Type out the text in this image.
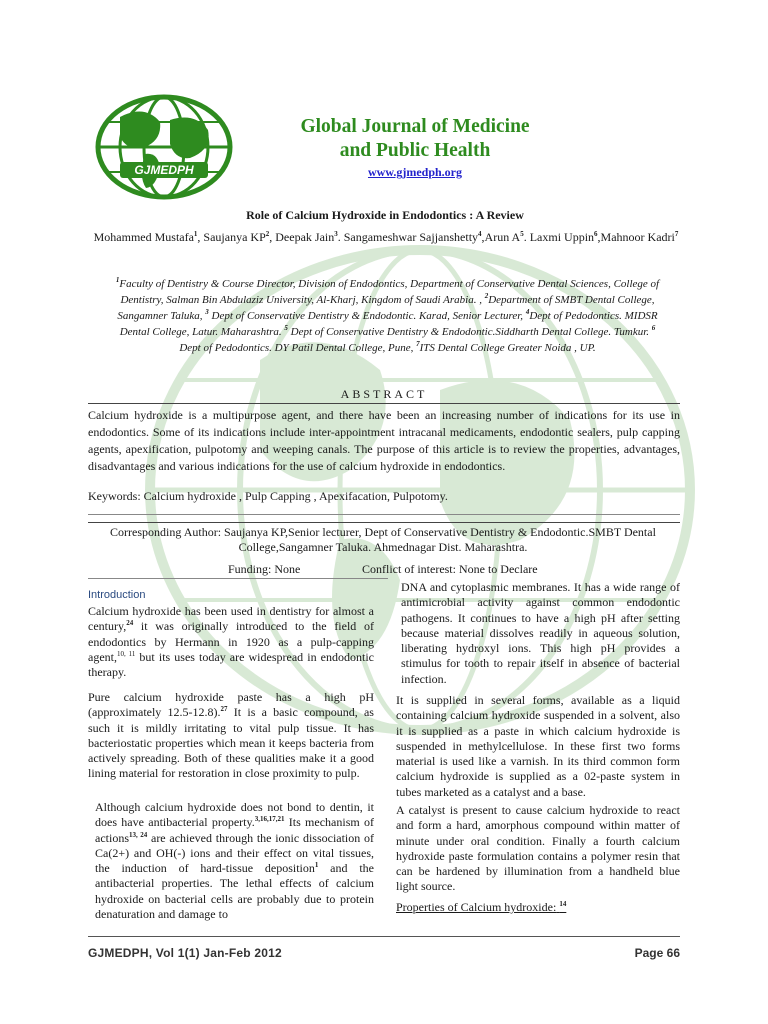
GJMEDPH
Global Journal of Medicine
and Public Health
www.gjmedph.org
Role of Calcium Hydroxide in Endodontics : A Review
Mohammed Mustafa$^1$, Saujanya $KP^2$, Deepak Jain$^3$. Sangameshwar Sajjanshetty$^4$,Arun $A^5$. Laxmi Uppin$^6$,Mahnoor Kadri$^7$
$^1$Faculty of Dentistry & Course Director, Division of Endodontics, Department of Conservative Dental Sciences, College of Dentistry, Salman Bin Abdulaziz University, Al-Kharj, Kingdom of Saudi Arabia. , $^2$Department of SMBT Dental College, Sangamner Taluka, $^3$ Dept of Conservative Dentistry & Endodontic. Karad, Senior Lecturer, $^4$Dept of Pedodontics. MIDSR Dental College, Latur. Maharashtra. $^5$ Dept of Conservative Dentistry & Endodontic.Siddharth Dental College. Tumkur. $^6$ Dept of Pedodontics. DY Patil Dental College, Pune, $^7$ITS Dental College Greater Noida , UP.
ABSTRACT
Calcium hydroxide is a multipurpose agent, and there have been an increasing number of indications for its use in endodontics. Some of its indications include inter-appointment intracanal medicaments, endodontic sealers, pulp capping agents, apexification, pulpotomy and weeping canals. The purpose of this article is to review the properties, advantages, disadvantages and various indications for the use of calcium hydroxide in endodontics.
Keywords: Calcium hydroxide , Pulp Capping , Apexifacation, Pulpotomy.
Corresponding Author: Saujanya KP,Senior lecturer, Dept of Conservative Dentistry & Endodontic.SMBT Dental College,Sangamner Taluka. Ahmednagar Dist. Maharashtra.
Funding: None	Conflict of interest: None to Declare
Introduction
Calcium hydroxide has been used in dentistry for almost a century,$^{24}$ it was originally introduced to the field of endodontics by Hermann in 1920 as a pulp-capping agent,$^{10, 11}$ but its uses today are widespread in endodontic therapy.
Pure calcium hydroxide paste has a high pH (approximately 12.5-12.8).$^{27}$ It is a basic compound, as such it is mildly irritating to vital pulp tissue. It has bacteriostatic properties which mean it keeps bacteria from actively spreading. Both of these qualities make it a good lining material for restoration in close proximity to pulp.
Although calcium hydroxide does not bond to dentin, it does have antibacterial property.$^{3,16,17,21}$ Its mechanism of actions$^{13, 24}$ are achieved through the ionic dissociation of Ca(2+) and OH(-) ions and their effect on vital tissues, the induction of hard-tissue deposition$^1$ and the antibacterial properties. The lethal effects of calcium hydroxide on bacterial cells are probably due to protein denaturation and damage to
DNA and cytoplasmic membranes. It has a wide range of antimicrobial activity against common endodontic pathogens. It continues to have a high pH after setting because material dissolves readily in aqueous solution, liberating hydroxyl ions. This high pH provides a stimulus for tooth to repair itself in absence of bacterial infection.
It is supplied in several forms, available as a liquid containing calcium hydroxide suspended in a solvent, also it is supplied as a paste in which calcium hydroxide is suspended in methylcellulose. In these first two forms material is used like a varnish. In its third common form calcium hydroxide is supplied as a 02-paste system in tubes marketed as a catalyst and a base.
A catalyst is present to cause calcium hydroxide to react and form a hard, amorphous compound within matter of minute under oral condition. Finally a fourth calcium hydroxide paste formulation contains a polymer resin that can be hardened by illumination from a handheld blue light source.
Properties of Calcium hydroxide: $^{14}$
GJMEDPH, Vol 1(1) Jan-Feb 2012	Page 66
